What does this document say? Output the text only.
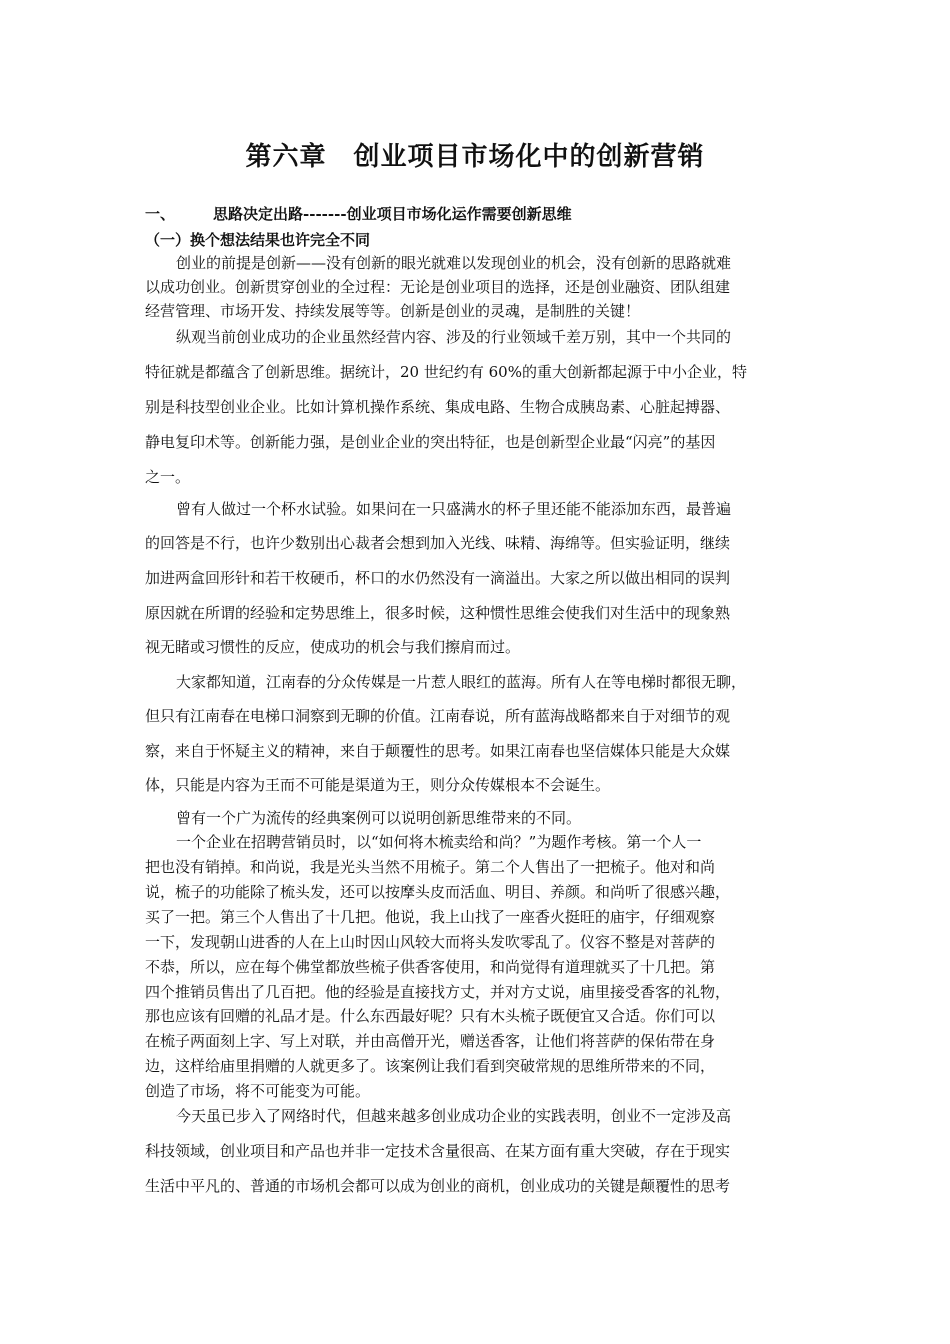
第六章　创业项目市场化中的创新营销
一、	思路决定出路-------创业项目市场化运作需要创新思维
（一）换个想法结果也许完全不同
创业的前提是创新——没有创新的眼光就难以发现创业的机会，没有创新的思路就难
以成功创业。创新贯穿创业的全过程：无论是创业项目的选择，还是创业融资、团队组建
经营管理、市场开发、持续发展等等。创新是创业的灵魂，是制胜的关键！
纵观当前创业成功的企业虽然经营内容、涉及的行业领域千差万别，其中一个共同的
特征就是都蕴含了创新思维。据统计，20 世纪约有 60%的重大创新都起源于中小企业，特
别是科技型创业企业。比如计算机操作系统、集成电路、生物合成胰岛素、心脏起搏器、
静电复印术等。创新能力强，是创业企业的突出特征，也是创新型企业最“闪亮”的基因
之一。
曾有人做过一个杯水试验。如果问在一只盛满水的杯子里还能不能添加东西，最普遍
的回答是不行，也许少数别出心裁者会想到加入光线、味精、海绵等。但实验证明，继续
加进两盒回形针和若干枚硬币，杯口的水仍然没有一滴溢出。大家之所以做出相同的误判
原因就在所谓的经验和定势思维上，很多时候，这种惯性思维会使我们对生活中的现象熟
视无睹或习惯性的反应，使成功的机会与我们擦肩而过。
大家都知道，江南春的分众传媒是一片惹人眼红的蓝海。所有人在等电梯时都很无聊，
但只有江南春在电梯口洞察到无聊的价值。江南春说，所有蓝海战略都来自于对细节的观
察，来自于怀疑主义的精神，来自于颠覆性的思考。如果江南春也坚信媒体只能是大众媒
体，只能是内容为王而不可能是渠道为王，则分众传媒根本不会诞生。
曾有一个广为流传的经典案例可以说明创新思维带来的不同。
一个企业在招聘营销员时，以“如何将木梳卖给和尚？”为题作考核。第一个人一
把也没有销掉。和尚说，我是光头当然不用梳子。第二个人售出了一把梳子。他对和尚
说，梳子的功能除了梳头发，还可以按摩头皮而活血、明目、养颜。和尚听了很感兴趣，
买了一把。第三个人售出了十几把。他说，我上山找了一座香火挺旺的庙宇，仔细观察
一下，发现朝山进香的人在上山时因山风较大而将头发吹零乱了。仪容不整是对菩萨的
不恭，所以，应在每个佛堂都放些梳子供香客使用，和尚觉得有道理就买了十几把。第
四个推销员售出了几百把。他的经验是直接找方丈，并对方丈说，庙里接受香客的礼物，
那也应该有回赠的礼品才是。什么东西最好呢？只有木头梳子既便宜又合适。你们可以
在梳子两面刻上字、写上对联，并由高僧开光，赠送香客，让他们将菩萨的保佑带在身
边，这样给庙里捐赠的人就更多了。该案例让我们看到突破常规的思维所带来的不同，
创造了市场，将不可能变为可能。
今天虽已步入了网络时代，但越来越多创业成功企业的实践表明，创业不一定涉及高
科技领域，创业项目和产品也并非一定技术含量很高、在某方面有重大突破，存在于现实
生活中平凡的、普通的市场机会都可以成为创业的商机，创业成功的关键是颠覆性的思考
